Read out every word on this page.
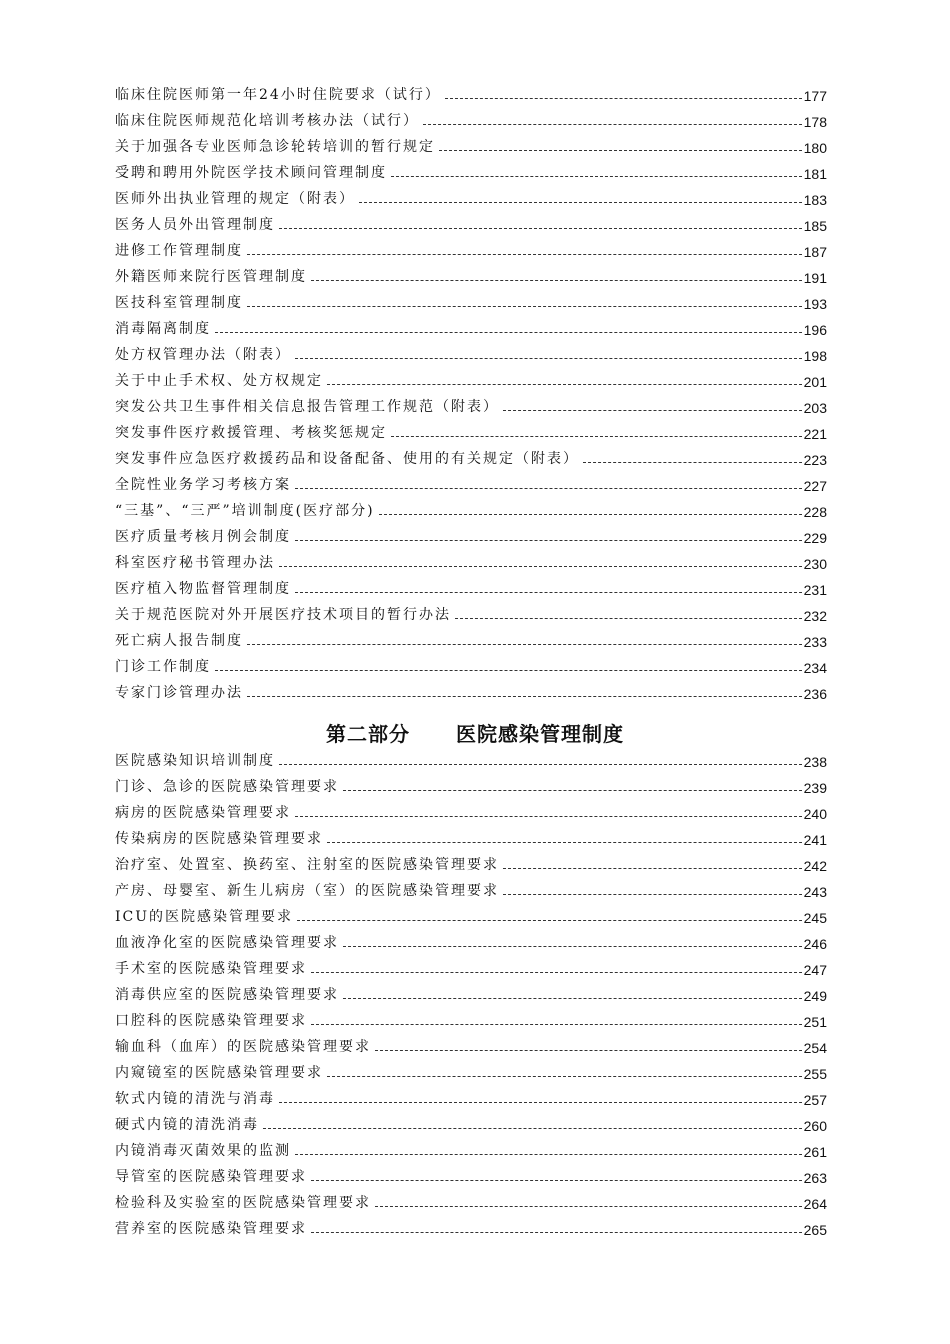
临床住院医师第一年24小时住院要求（试行）	177
临床住院医师规范化培训考核办法（试行）	178
关于加强各专业医师急诊轮转培训的暂行规定	180
受聘和聘用外院医学技术顾问管理制度	181
医师外出执业管理的规定（附表）	183
医务人员外出管理制度	185
进修工作管理制度	187
外籍医师来院行医管理制度	191
医技科室管理制度	193
消毒隔离制度	196
处方权管理办法（附表）	198
关于中止手术权、处方权规定	201
突发公共卫生事件相关信息报告管理工作规范（附表）	203
突发事件医疗救援管理、考核奖惩规定	221
突发事件应急医疗救援药品和设备配备、使用的有关规定（附表）	223
全院性业务学习考核方案	227
“三基”、“三严”培训制度(医疗部分)	228
医疗质量考核月例会制度	229
科室医疗秘书管理办法	230
医疗植入物监督管理制度	231
关于规范医院对外开展医疗技术项目的暂行办法	232
死亡病人报告制度	233
门诊工作制度	234
专家门诊管理办法	236
第二部分 医院感染管理制度
医院感染知识培训制度	238
门诊、急诊的医院感染管理要求	239
病房的医院感染管理要求	240
传染病房的医院感染管理要求	241
治疗室、处置室、换药室、注射室的医院感染管理要求	242
产房、母婴室、新生儿病房（室）的医院感染管理要求	243
ICU的医院感染管理要求	245
血液净化室的医院感染管理要求	246
手术室的医院感染管理要求	247
消毒供应室的医院感染管理要求	249
口腔科的医院感染管理要求	251
输血科（血库）的医院感染管理要求	254
内窥镜室的医院感染管理要求	255
软式内镜的清洗与消毒	257
硬式内镜的清洗消毒	260
内镜消毒灭菌效果的监测	261
导管室的医院感染管理要求	263
检验科及实验室的医院感染管理要求	264
营养室的医院感染管理要求	265
